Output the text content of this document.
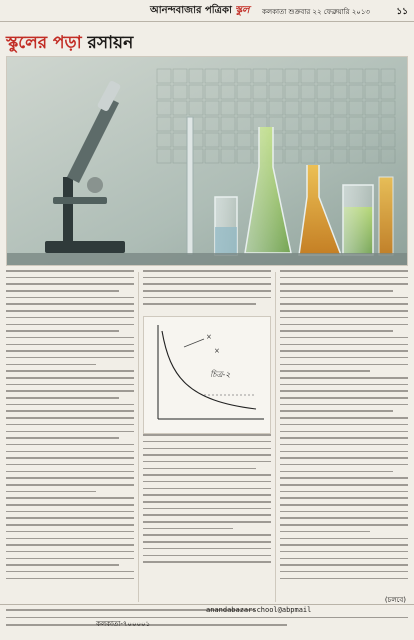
আনন্দবাজার পত্রিকা স্কুল কলকাতা শুক্রবার ২২ ফেব্রুয়ারি ২০১৩	১১
স্কুলের পড়া রসায়ন
×
×
চিত্র-২
(চলবে)
anandabazarschool@abpmail
কলকাতা-৭০০০০১
